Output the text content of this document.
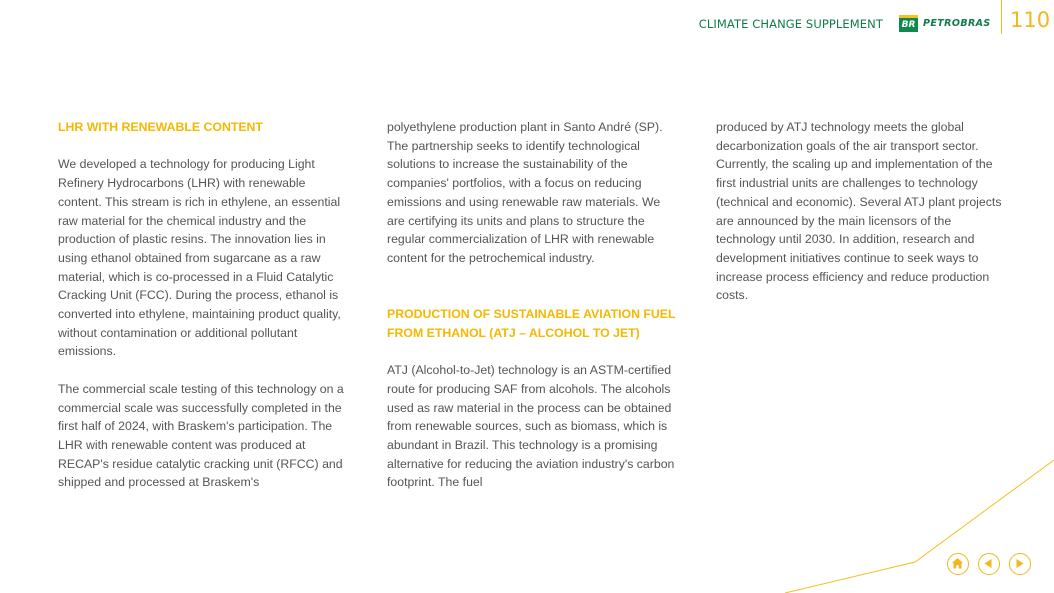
CLIMATE CHANGE SUPPLEMENT BR PETROBRAS 110
LHR WITH RENEWABLE CONTENT

We developed a technology for producing Light Refinery Hydrocarbons (LHR) with renewable content. This stream is rich in ethylene, an essential raw material for the chemical industry and the production of plastic resins. The innovation lies in using ethanol obtained from sugarcane as a raw material, which is co-processed in a Fluid Catalytic Cracking Unit (FCC). During the process, ethanol is converted into ethylene, maintaining product quality, without contamination or additional pollutant emissions.

The commercial scale testing of this technology on a commercial scale was successfully completed in the first half of 2024, with Braskem's participation. The LHR with renewable content was produced at RECAP's residue catalytic cracking unit (RFCC) and shipped and processed at Braskem's

polyethylene production plant in Santo André (SP). The partnership seeks to identify technological solutions to increase the sustainability of the companies' portfolios, with a focus on reducing emissions and using renewable raw materials. We are certifying its units and plans to structure the regular commercialization of LHR with renewable content for the petrochemical industry.

PRODUCTION OF SUSTAINABLE AVIATION FUEL FROM ETHANOL (ATJ – ALCOHOL TO JET)

ATJ (Alcohol-to-Jet) technology is an ASTM-certified route for producing SAF from alcohols. The alcohols used as raw material in the process can be obtained from renewable sources, such as biomass, which is abundant in Brazil. This technology is a promising alternative for reducing the aviation industry's carbon footprint. The fuel

produced by ATJ technology meets the global decarbonization goals of the air transport sector. Currently, the scaling up and implementation of the first industrial units are challenges to technology (technical and economic). Several ATJ plant projects are announced by the main licensors of the technology until 2030. In addition, research and development initiatives continue to seek ways to increase process efficiency and reduce production costs.
